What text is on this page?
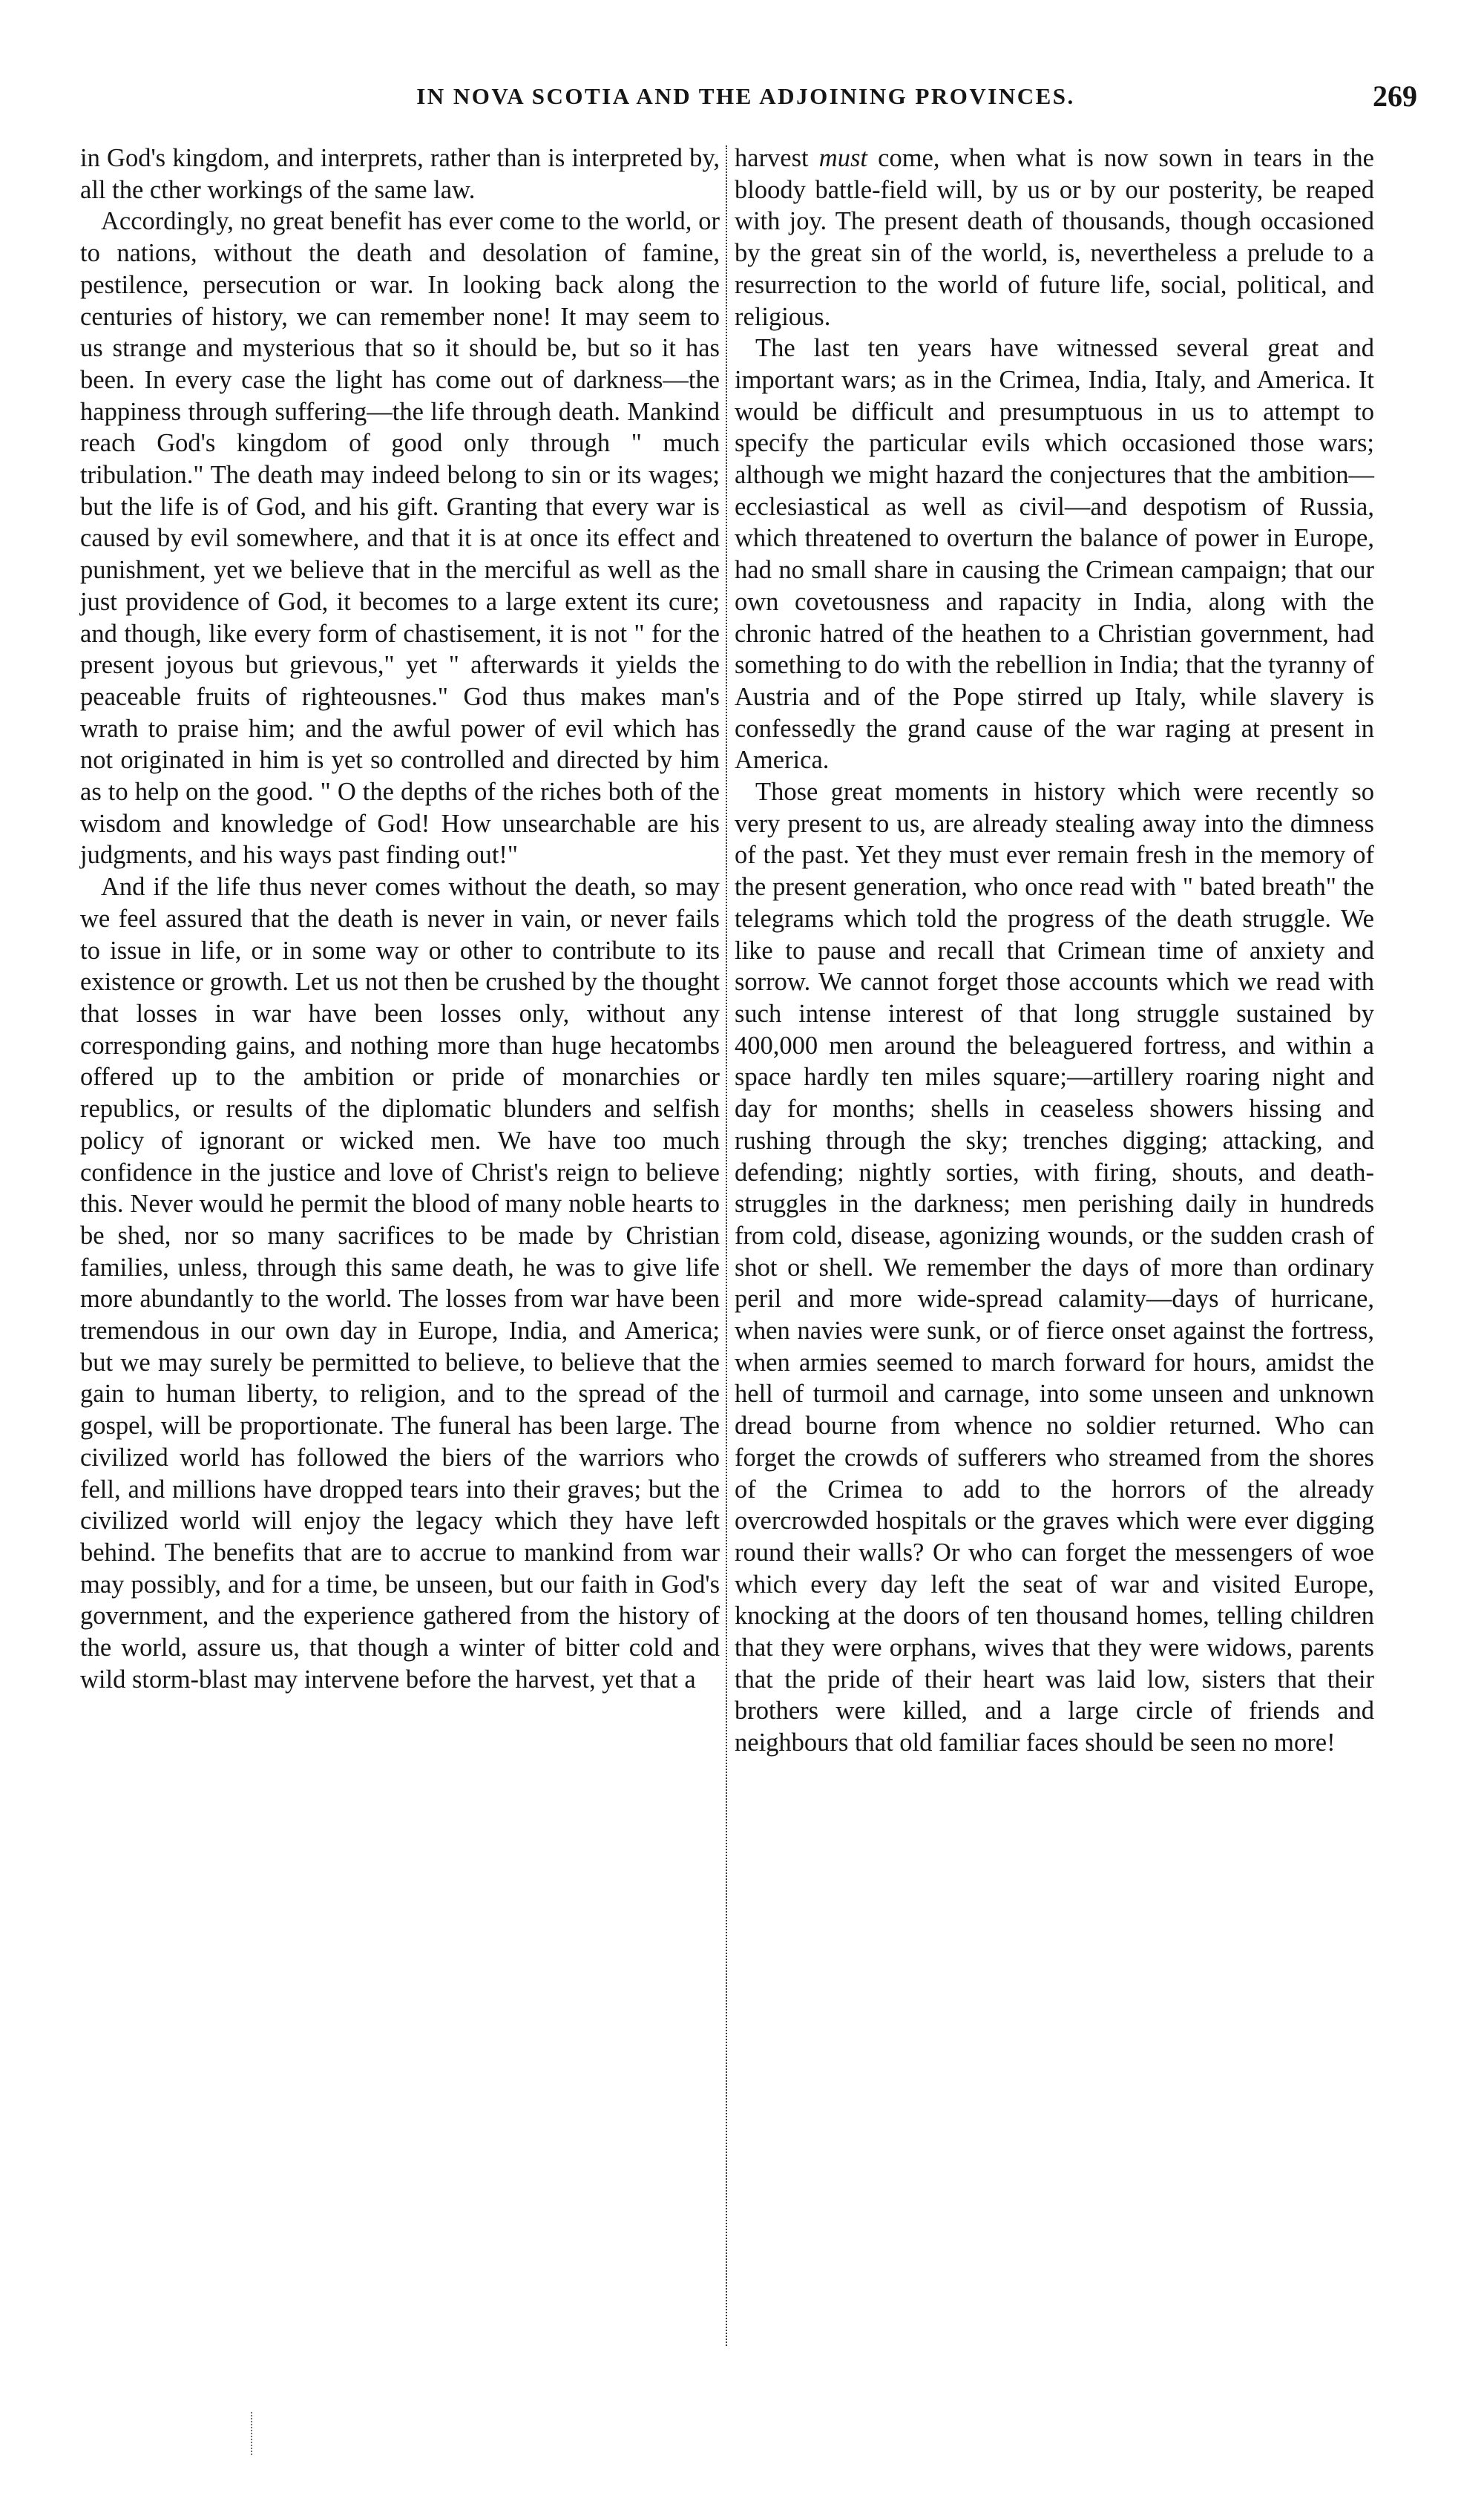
IN NOVA SCOTIA AND THE ADJOINING PROVINCES.	269

in God's kingdom, and interprets, rather than is interpreted by, all the cther workings of the same law.

Accordingly, no great benefit has ever come to the world, or to nations, without the death and desolation of famine, pestilence, persecution or war. In looking back along the centuries of history, we can remember none! It may seem to us strange and mysterious that so it should be, but so it has been. In every case the light has come out of darkness—the happiness through suffering—the life through death. Mankind reach God's kingdom of good only through " much tribulation." The death may indeed belong to sin or its wages; but the life is of God, and his gift. Granting that every war is caused by evil somewhere, and that it is at once its effect and punishment, yet we believe that in the merciful as well as the just providence of God, it becomes to a large extent its cure; and though, like every form of chastisement, it is not " for the present joyous but grievous," yet " afterwards it yields the peaceable fruits of righteousnes." God thus makes man's wrath to praise him; and the awful power of evil which has not originated in him is yet so controlled and directed by him as to help on the good. " O the depths of the riches both of the wisdom and knowledge of God! How unsearchable are his judgments, and his ways past finding out!"

And if the life thus never comes without the death, so may we feel assured that the death is never in vain, or never fails to issue in life, or in some way or other to contribute to its existence or growth. Let us not then be crushed by the thought that losses in war have been losses only, without any corresponding gains, and nothing more than huge hecatombs offered up to the ambition or pride of monarchies or republics, or results of the diplomatic blunders and selfish policy of ignorant or wicked men. We have too much confidence in the justice and love of Christ's reign to believe this. Never would he permit the blood of many noble hearts to be shed, nor so many sacrifices to be made by Christian families, unless, through this same death, he was to give life more abundantly to the world. The losses from war have been tremendous in our own day in Europe, India, and America; but we may surely be permitted to believe, to believe that the gain to human liberty, to religion, and to the spread of the gospel, will be proportionate. The funeral has been large. The civilized world has followed the biers of the warriors who fell, and millions have dropped tears into their graves; but the civilized world will enjoy the legacy which they have left behind. The benefits that are to accrue to mankind from war may possibly, and for a time, be unseen, but our faith in God's government, and the experience gathered from the history of the world, assure us, that though a winter of bitter cold and wild storm-blast may intervene before the harvest, yet that a

harvest must come, when what is now sown in tears in the bloody battle-field will, by us or by our posterity, be reaped with joy. The present death of thousands, though occasioned by the great sin of the world, is, nevertheless a prelude to a resurrection to the world of future life, social, political, and religious.

The last ten years have witnessed several great and important wars; as in the Crimea, India, Italy, and America. It would be difficult and presumptuous in us to attempt to specify the particular evils which occasioned those wars; although we might hazard the conjectures that the ambition—ecclesiastical as well as civil—and despotism of Russia, which threatened to overturn the balance of power in Europe, had no small share in causing the Crimean campaign; that our own covetousness and rapacity in India, along with the chronic hatred of the heathen to a Christian government, had something to do with the rebellion in India; that the tyranny of Austria and of the Pope stirred up Italy, while slavery is confessedly the grand cause of the war raging at present in America.

Those great moments in history which were recently so very present to us, are already stealing away into the dimness of the past. Yet they must ever remain fresh in the memory of the present generation, who once read with " bated breath" the telegrams which told the progress of the death struggle. We like to pause and recall that Crimean time of anxiety and sorrow. We cannot forget those accounts which we read with such intense interest of that long struggle sustained by 400,000 men around the beleaguered fortress, and within a space hardly ten miles square;—artillery roaring night and day for months; shells in ceaseless showers hissing and rushing through the sky; trenches digging; attacking, and defending; nightly sorties, with firing, shouts, and death-struggles in the darkness; men perishing daily in hundreds from cold, disease, agonizing wounds, or the sudden crash of shot or shell. We remember the days of more than ordinary peril and more wide-spread calamity—days of hurricane, when navies were sunk, or of fierce onset against the fortress, when armies seemed to march forward for hours, amidst the hell of turmoil and carnage, into some unseen and unknown dread bourne from whence no soldier returned. Who can forget the crowds of sufferers who streamed from the shores of the Crimea to add to the horrors of the already overcrowded hospitals or the graves which were ever digging round their walls? Or who can forget the messengers of woe which every day left the seat of war and visited Europe, knocking at the doors of ten thousand homes, telling children that they were orphans, wives that they were widows, parents that the pride of their heart was laid low, sisters that their brothers were killed, and a large circle of friends and neighbours that old familiar faces should be seen no more!
